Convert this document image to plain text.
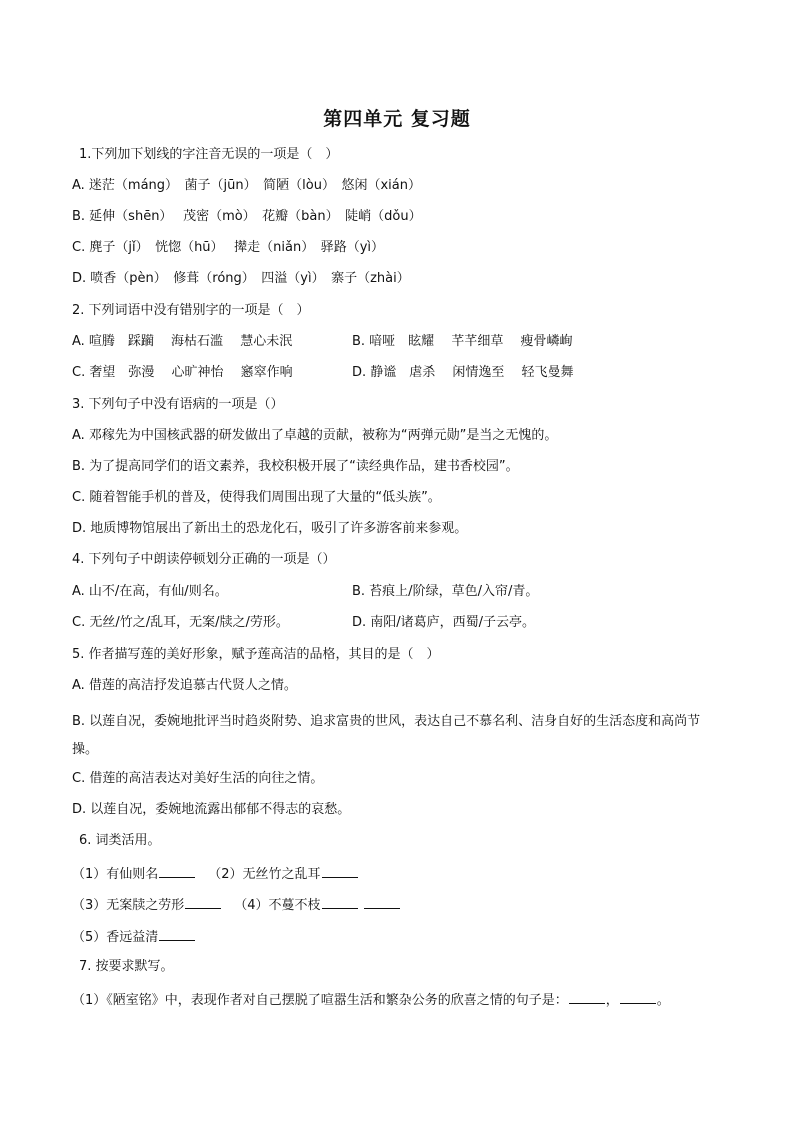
第四单元 复习题
1.下列加下划线的字注音无误的一项是（　）
A. 迷茫（máng）　菌子（jūn）　简陋（lòu）　悠闲（xián）
B. 延伸（shēn）　 茂密（mò）　花瓣（bàn）　陡峭（dǒu）
C. 麂子（jǐ）　恍惚（hū）　 撵走（niǎn）　驿路（yì）
D. 喷香（pèn）　修葺（róng）　四溢（yì）　寨子（zhài）
2. 下列词语中没有错别字的一项是（　）
A. 喧腾　踩躏　 海枯石滥　 慧心未泯	B. 喑哑　眩耀　 芊芊细草　 瘦骨嶙峋
C. 奢望　弥漫　 心旷神怡　 窸窣作响	D. 静谧　虐杀　 闲情逸至　 轻飞曼舞
3. 下列句子中没有语病的一项是（）
A. 邓稼先为中国核武器的研发做出了卓越的贡献，被称为“两弹元勋”是当之无愧的。
B. 为了提高同学们的语文素养，我校积极开展了“读经典作品，建书香校园”。
C. 随着智能手机的普及，使得我们周围出现了大量的“低头族”。
D. 地质博物馆展出了新出土的恐龙化石，吸引了许多游客前来参观。
4. 下列句子中朗读停顿划分正确的一项是（）
A. 山不/在高，有仙/则名。	B. 苔痕上/阶绿，草色/入帘/青。
C. 无丝/竹之/乱耳，无案/牍之/劳形。	D. 南阳/诸葛庐，西蜀/子云亭。
5. 作者描写莲的美好形象，赋予莲高洁的品格，其目的是（　）
A. 借莲的高洁抒发追慕古代贤人之情。
B. 以莲自况，委婉地批评当时趋炎附势、追求富贵的世风，表达自己不慕名利、洁身自好的生活态度和高尚节操。
C. 借莲的高洁表达对美好生活的向往之情。
D. 以莲自况，委婉地流露出郁郁不得志的哀愁。
6. 词类活用。
（1）有仙则名	（2）无丝竹之乱耳
（3）无案牍之劳形	（4）不蔓不枝
（5）香远益清
7. 按要求默写。
（1）《陋室铭》中，表现作者对自己摆脱了喧嚣生活和繁杂公务的欣喜之情的句子是：	，	。
